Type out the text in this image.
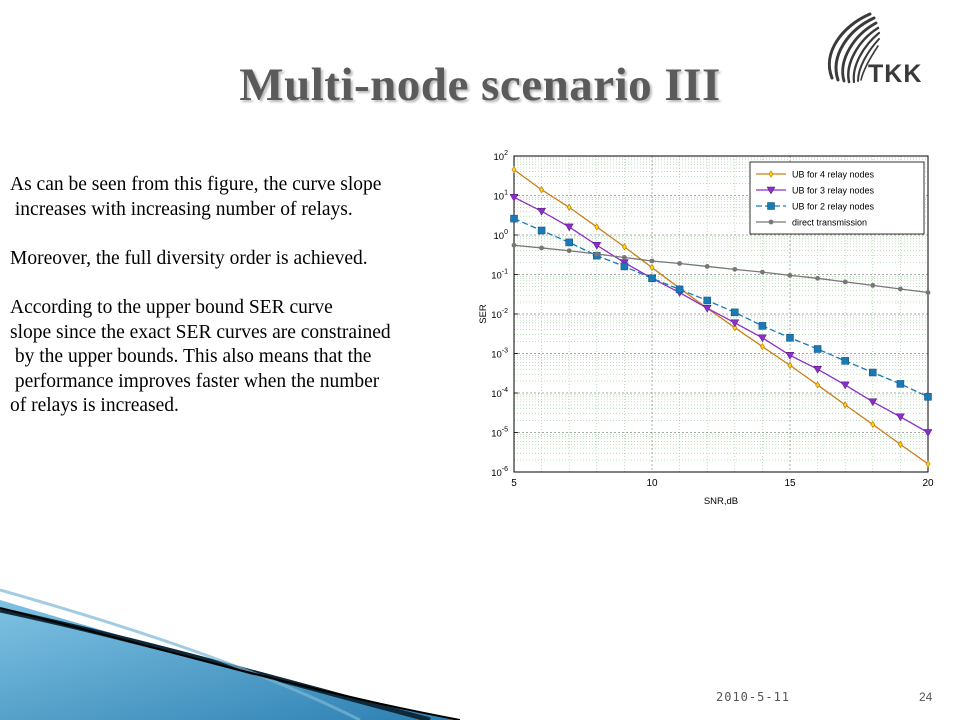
Multi-node scenario III	TKK
As can be seen from this figure, the curve slope
increases with increasing number of relays.
Moreover, the full diversity order is achieved.
According to the upper bound SER curve
slope since the exact SER curves are constrained
by the upper bounds. This also means that the
performance improves faster when the number
of relays is increased.
$10^2$
$10^1$
$10^0$
$10^{-1}$
$10^{-2}$
$10^{-3}$
$10^{-4}$
$10^{-5}$
$10^{-6}$
5	10	15	20
SNR,dB
SER
UB for 4 relay nodes
UB for 3 relay nodes
UB for 2 relay nodes
direct transmission
2010-5-11	24
